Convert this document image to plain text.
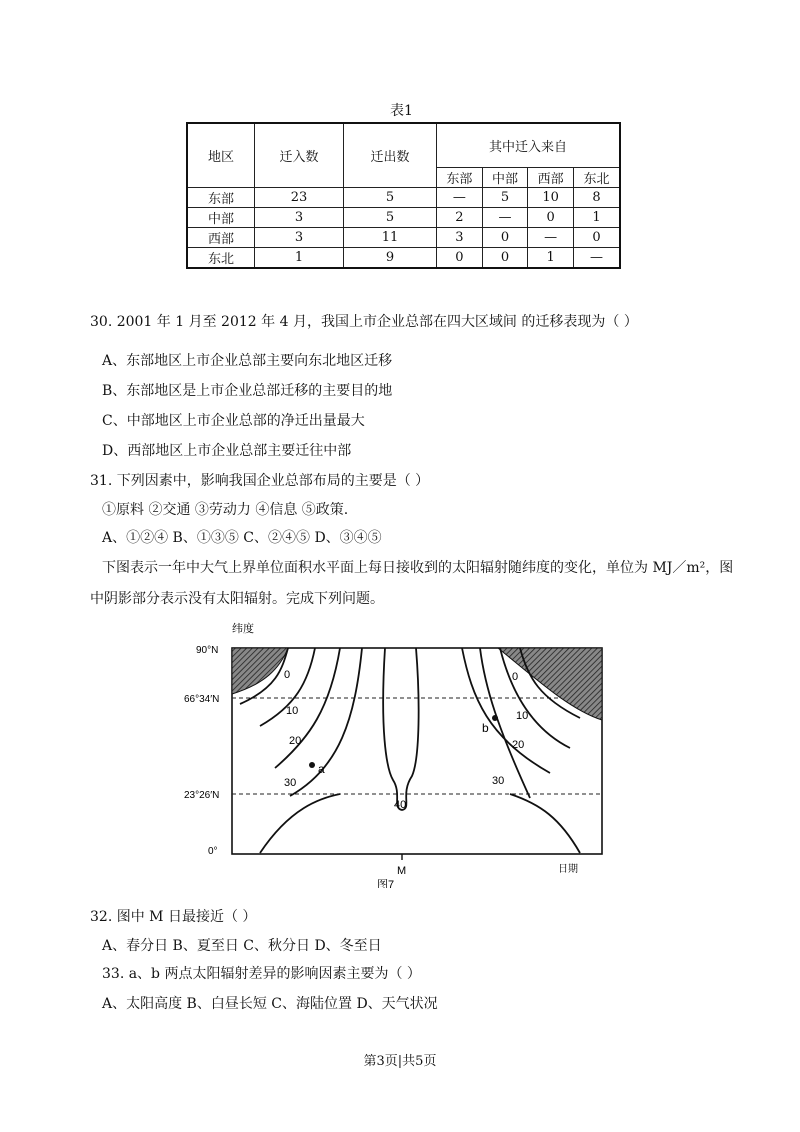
表1
地区	迁入数	迁出数	其中迁入来自			
			东部	中部	西部	东北
东部	23	5	—	5	10	8
中部	3	5	2	—	0	1
西部	3	11	3	0	—	0
东北	1	9	0	0	1	—
30. 2001 年 1 月至 2012 年 4 月，我国上市企业总部在四大区域间 的迁移表现为（ ）
A、东部地区上市企业总部主要向东北地区迁移
B、东部地区是上市企业总部迁移的主要目的地
C、中部地区上市企业总部的净迁出量最大
D、西部地区上市企业总部主要迁往中部
31. 下列因素中，影响我国企业总部布局的主要是（ ）
①原料 ②交通 ③劳动力 ④信息 ⑤政策.
A、①②④ B、①③⑤ C、②④⑤ D、③④⑤
下图表示一年中大气上界单位面积水平面上每日接收到的太阳辐射随纬度的变化，单位为 MJ／m²，图
中阴影部分表示没有太阳辐射。完成下列问题。
纬度
90°N
66°34′N
23°26′N
0°
M	日期
图7
0
10
20
30
40
0
10
20
30
a
b
32. 图中 M 日最接近（ ）
A、春分日 B、夏至日 C、秋分日 D、冬至日
33. a、b 两点太阳辐射差异的影响因素主要为（ ）
A、太阳高度 B、白昼长短 C、海陆位置 D、天气状况
第3页|共5页
